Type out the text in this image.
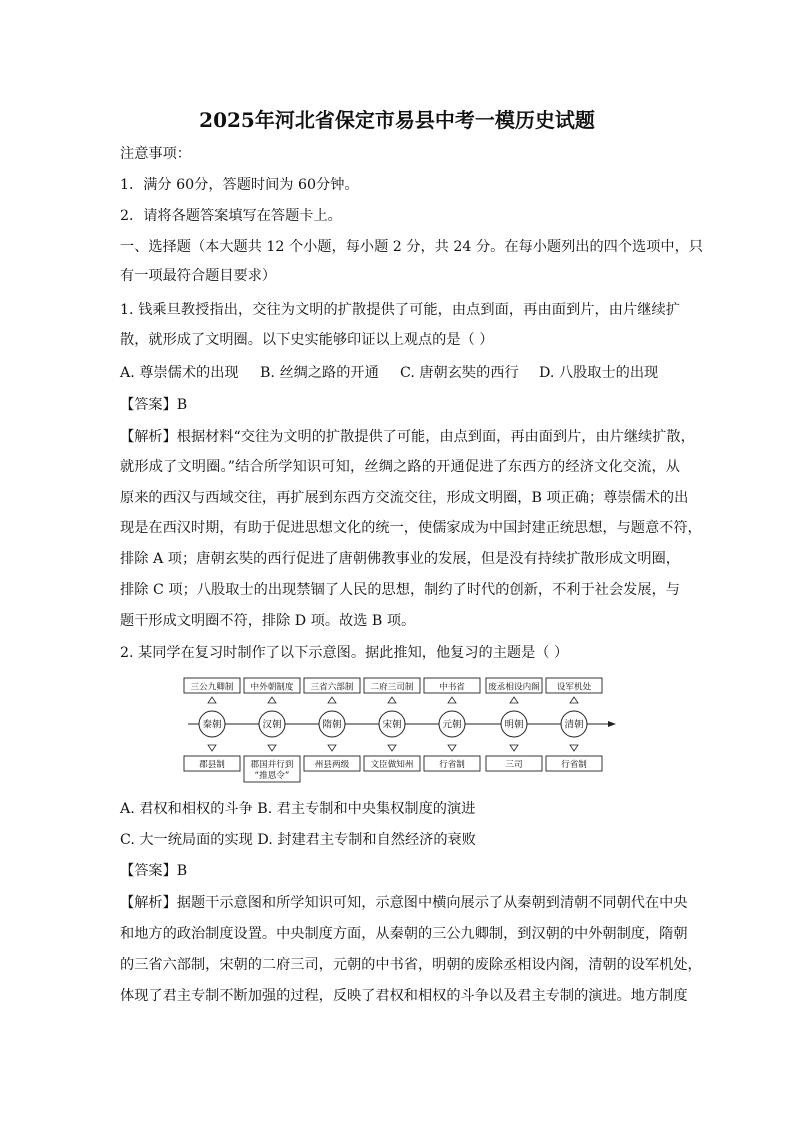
2025年河北省保定市易县中考一模历史试题
注意事项：
1．满分 60分，答题时间为 60分钟。
2．请将各题答案填写在答题卡上。
一、选择题（本大题共 12 个小题，每小题 2 分，共 24 分。在每小题列出的四个选项中，只
有一项最符合题目要求）
1. 钱乘旦教授指出，交往为文明的扩散提供了可能，由点到面，再由面到片，由片继续扩
散，就形成了文明圈。以下史实能够印证以上观点的是（ ）
A. 尊崇儒术的出现 B. 丝绸之路的开通 C. 唐朝玄奘的西行 D. 八股取士的出现
【答案】B
【解析】根据材料“交往为文明的扩散提供了可能，由点到面，再由面到片，由片继续扩散，
就形成了文明圈。”结合所学知识可知，丝绸之路的开通促进了东西方的经济文化交流，从
原来的西汉与西域交往，再扩展到东西方交流交往，形成文明圈，B 项正确；尊崇儒术的出
现是在西汉时期，有助于促进思想文化的统一，使儒家成为中国封建正统思想，与题意不符，
排除 A 项；唐朝玄奘的西行促进了唐朝佛教事业的发展，但是没有持续扩散形成文明圈，
排除 C 项；八股取士的出现禁锢了人民的思想，制约了时代的创新，不利于社会发展，与
题干形成文明圈不符，排除 D 项。故选 B 项。
2. 某同学在复习时制作了以下示意图。据此推知，他复习的主题是（ ）
三公九卿制 中外朝制度 三省六部制 二府三司制	中书省	废丞相设内阁 设军机处
秦朝	汉朝	隋朝	宋朝	元朝	明朝	清朝
郡县制	郡国并行到
“推恩令”
州县两级 文臣做知州	行省制	三司	行省制
A. 君权和相权的斗争 B. 君主专制和中央集权制度的演进
C. 大一统局面的实现 D. 封建君主专制和自然经济的衰败
【答案】B
【解析】据题干示意图和所学知识可知，示意图中横向展示了从秦朝到清朝不同朝代在中央
和地方的政治制度设置。中央制度方面，从秦朝的三公九卿制，到汉朝的中外朝制度，隋朝
的三省六部制，宋朝的二府三司，元朝的中书省，明朝的废除丞相设内阁，清朝的设军机处，
体现了君主专制不断加强的过程，反映了君权和相权的斗争以及君主专制的演进。地方制度
